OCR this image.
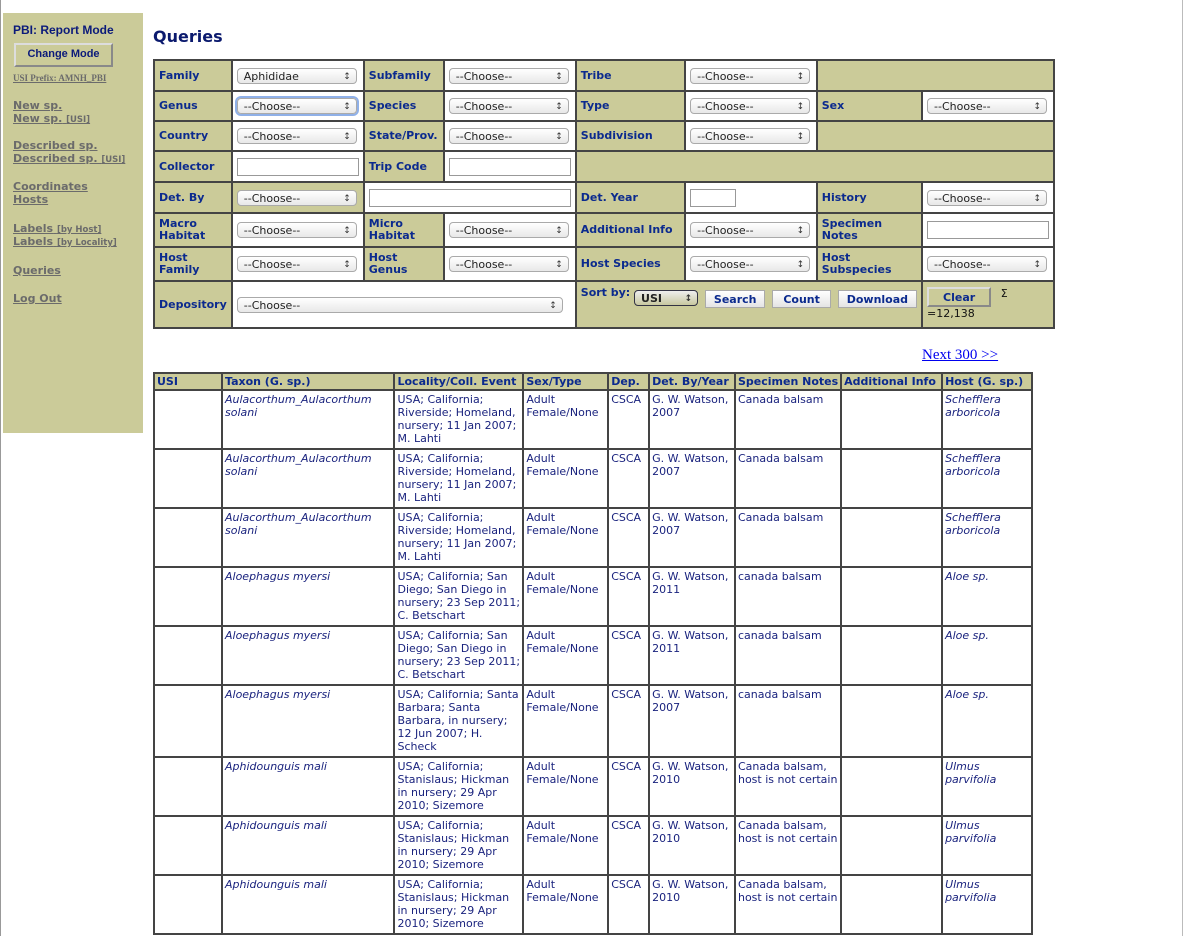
PBI: Report Mode
Change Mode
USI Prefix: AMNH_PBI
New sp.
New sp. [USI]
Described sp.
Described sp. [USI]
Coordinates
Hosts
Labels [by Host]
Labels [by Locality]
Queries
Log Out
Queries
Family	Aphididae ↕	Subfamily	--Choose-- ↕	Tribe	--Choose-- ↕	
Genus	--Choose-- ↕	Species	--Choose-- ↕	Type	--Choose-- ↕	Sex	--Choose-- ↕
Country	--Choose-- ↕	State/Prov.	--Choose-- ↕	Subdivision	--Choose-- ↕	
Collector		Trip Code					
Det. By	--Choose-- ↕			Det. Year		History	--Choose-- ↕
Macro Habitat	--Choose-- ↕	Micro Habitat	--Choose-- ↕	Additional Info	--Choose-- ↕	Specimen Notes	
Host Family	--Choose-- ↕	Host Genus	--Choose-- ↕	Host Species	--Choose-- ↕	Host Subspecies	--Choose-- ↕
Depository	--Choose-- ↕			Sort by: USI ↕ Search Count Download			Clear Σ
=12,138
Next 300 >>
USI	Taxon (G. sp.)	Locality/Coll. Event	Sex/Type	Dep.	Det. By/Year	Specimen Notes	Additional Info	Host (G. sp.)
	Aulacorthum_Aulacorthum solani	USA; California; Riverside; Homeland, nursery; 11 Jan 2007; M. Lahti	Adult Female/None	CSCA	G. W. Watson, 2007	Canada balsam		Schefflera arboricola
	Aulacorthum_Aulacorthum solani	USA; California; Riverside; Homeland, nursery; 11 Jan 2007; M. Lahti	Adult Female/None	CSCA	G. W. Watson, 2007	Canada balsam		Schefflera arboricola
	Aulacorthum_Aulacorthum solani	USA; California; Riverside; Homeland, nursery; 11 Jan 2007; M. Lahti	Adult Female/None	CSCA	G. W. Watson, 2007	Canada balsam		Schefflera arboricola
	Aloephagus myersi	USA; California; San Diego; San Diego in nursery; 23 Sep 2011; C. Betschart	Adult Female/None	CSCA	G. W. Watson, 2011	canada balsam		Aloe sp.
	Aloephagus myersi	USA; California; San Diego; San Diego in nursery; 23 Sep 2011; C. Betschart	Adult Female/None	CSCA	G. W. Watson, 2011	canada balsam		Aloe sp.
	Aloephagus myersi	USA; California; Santa Barbara; Santa Barbara, in nursery; 12 Jun 2007; H. Scheck	Adult Female/None	CSCA	G. W. Watson, 2007	canada balsam		Aloe sp.
	Aphidounguis mali	USA; California; Stanislaus; Hickman in nursery; 29 Apr 2010; Sizemore	Adult Female/None	CSCA	G. W. Watson, 2010	Canada balsam, host is not certain		Ulmus parvifolia
	Aphidounguis mali	USA; California; Stanislaus; Hickman in nursery; 29 Apr 2010; Sizemore	Adult Female/None	CSCA	G. W. Watson, 2010	Canada balsam, host is not certain		Ulmus parvifolia
	Aphidounguis mali	USA; California; Stanislaus; Hickman in nursery; 29 Apr 2010; Sizemore	Adult Female/None	CSCA	G. W. Watson, 2010	Canada balsam, host is not certain		Ulmus parvifolia
